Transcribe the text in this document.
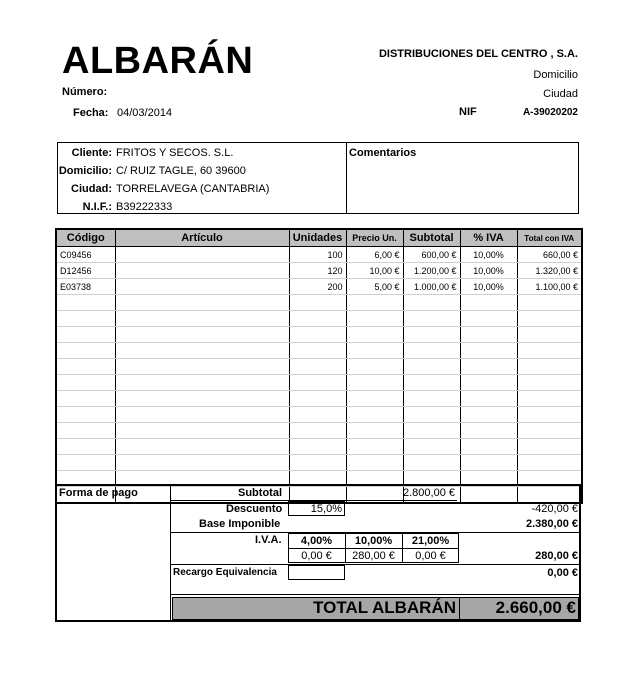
ALBARÁN
Número:
Fecha: 04/03/2014
DISTRIBUCIONES DEL CENTRO , S.A.
Domicilio
Ciudad
NIF	A-39020202
Cliente: FRITOS Y SECOS. S.L.
Domicilio: C/ RUIZ TAGLE, 60 39600
Ciudad: TORRELAVEGA (CANTABRIA)
N.I.F.: B39222333
Comentarios
Código	Artículo	Unidades	Precio Un.	Subtotal	% IVA	Total con IVA
C09456		100	6,00 €	600,00 €	10,00%	660,00 €
D12456		120	10,00 €	1.200,00 €	10,00%	1.320,00 €
E03738		200	5,00 €	1.000,00 €	10,00%	1.100,00 €

Forma de pago	Subtotal	2.800,00 €
Descuento	15,0%	-420,00 €
Base Imponible	2.380,00 €
I.V.A.	4,00%	10,00%	21,00%
0,00 €	280,00 €	0,00 €	280,00 €
Recargo Equivalencia	0,00 €
TOTAL ALBARÁN	2.660,00 €
